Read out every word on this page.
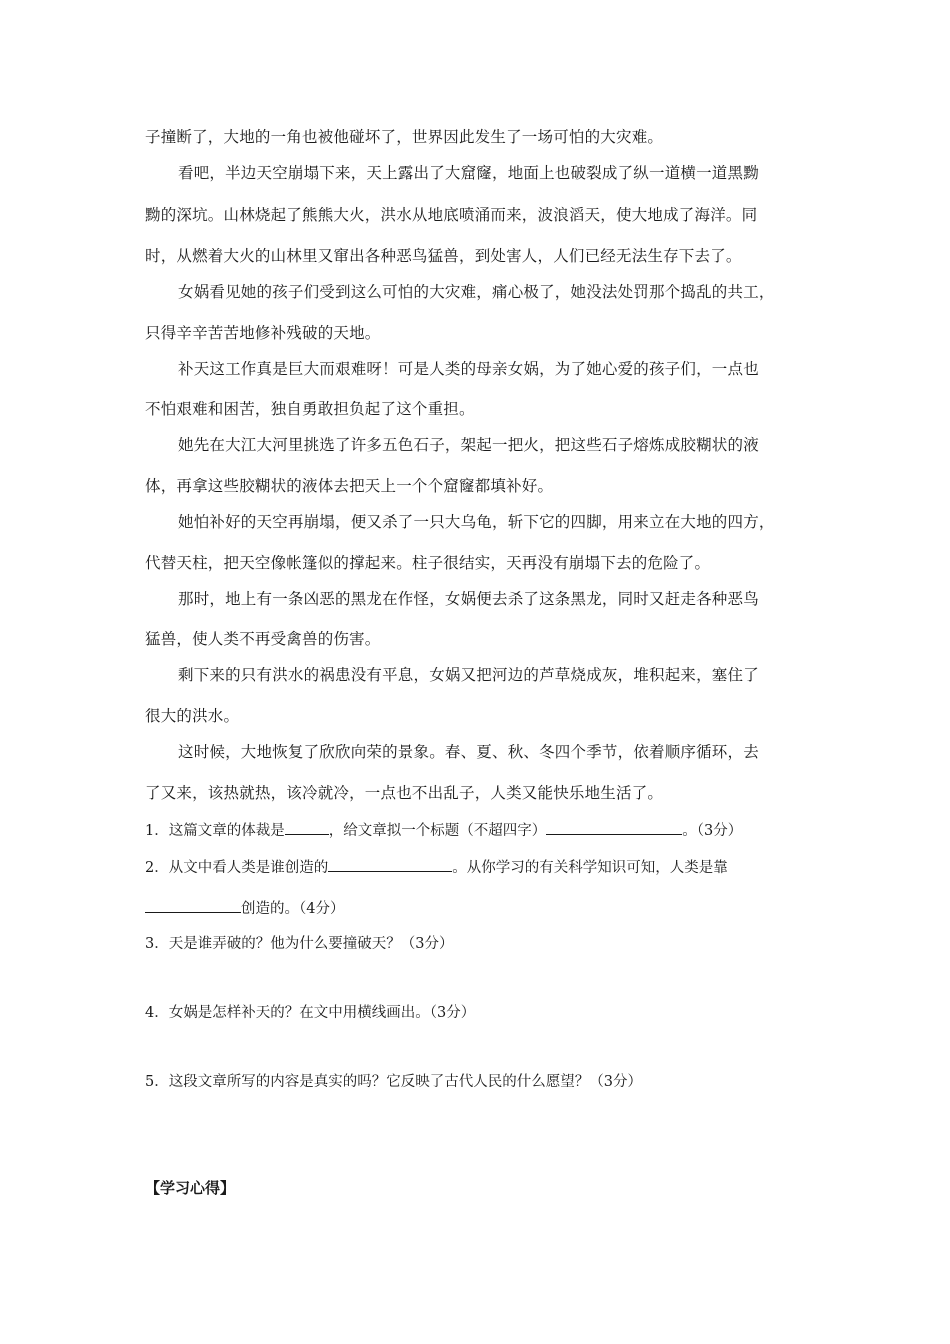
子撞断了，大地的一角也被他碰坏了，世界因此发生了一场可怕的大灾难。
看吧，半边天空崩塌下来，天上露出了大窟窿，地面上也破裂成了纵一道横一道黑黝
黝的深坑。山林烧起了熊熊大火，洪水从地底喷涌而来，波浪滔天，使大地成了海洋。同
时，从燃着大火的山林里又窜出各种恶鸟猛兽，到处害人，人们已经无法生存下去了。
女娲看见她的孩子们受到这么可怕的大灾难，痛心极了，她没法处罚那个捣乱的共工，
只得辛辛苦苦地修补残破的天地。
补天这工作真是巨大而艰难呀！可是人类的母亲女娲，为了她心爱的孩子们，一点也
不怕艰难和困苦，独自勇敢担负起了这个重担。
她先在大江大河里挑选了许多五色石子，架起一把火，把这些石子熔炼成胶糊状的液
体，再拿这些胶糊状的液体去把天上一个个窟窿都填补好。
她怕补好的天空再崩塌，便又杀了一只大乌龟，斩下它的四脚，用来立在大地的四方，
代替天柱，把天空像帐篷似的撑起来。柱子很结实，天再没有崩塌下去的危险了。
那时，地上有一条凶恶的黑龙在作怪，女娲便去杀了这条黑龙，同时又赶走各种恶鸟
猛兽，使人类不再受禽兽的伤害。
剩下来的只有洪水的祸患没有平息，女娲又把河边的芦草烧成灰，堆积起来，塞住了
很大的洪水。
这时候，大地恢复了欣欣向荣的景象。春、夏、秋、冬四个季节，依着顺序循环，去
了又来，该热就热，该冷就冷，一点也不出乱子，人类又能快乐地生活了。
1．这篇文章的体裁是	，给文章拟一个标题（不超四字）	。（3分）
2．从文中看人类是谁创造的	。从你学习的有关科学知识可知，人类是靠
创造的。（4分）
3．天是谁弄破的？他为什么要撞破天？（3分）
4．女娲是怎样补天的？在文中用横线画出。（3分）
5．这段文章所写的内容是真实的吗？它反映了古代人民的什么愿望？（3分）
【学习心得】
